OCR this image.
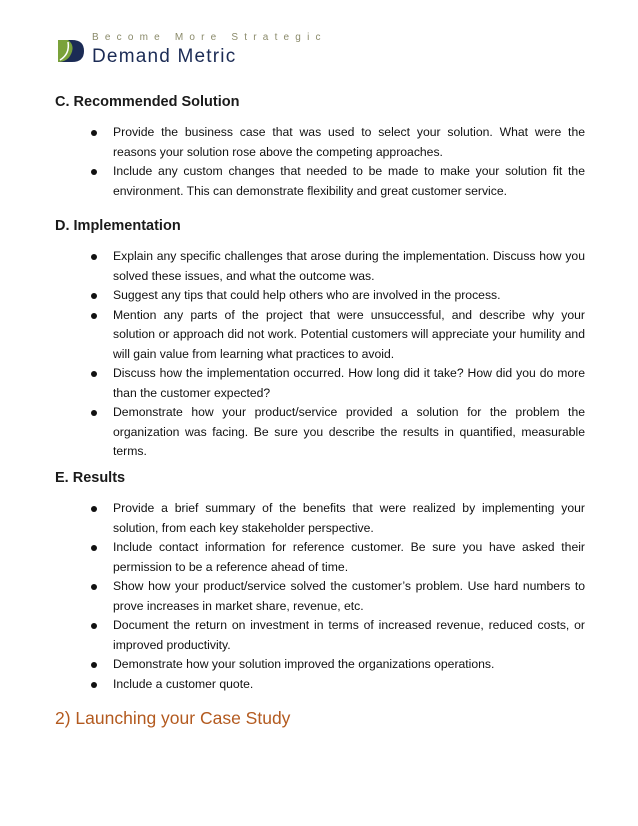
Become More Strategic
Demand Metric
C. Recommended Solution
Provide the business case that was used to select your solution. What were the reasons your solution rose above the competing approaches.
Include any custom changes that needed to be made to make your solution fit the environment. This can demonstrate flexibility and great customer service.
D. Implementation
Explain any specific challenges that arose during the implementation. Discuss how you solved these issues, and what the outcome was.
Suggest any tips that could help others who are involved in the process.
Mention any parts of the project that were unsuccessful, and describe why your solution or approach did not work. Potential customers will appreciate your humility and will gain value from learning what practices to avoid.
Discuss how the implementation occurred. How long did it take? How did you do more than the customer expected?
Demonstrate how your product/service provided a solution for the problem the organization was facing. Be sure you describe the results in quantified, measurable terms.
E. Results
Provide a brief summary of the benefits that were realized by implementing your solution, from each key stakeholder perspective.
Include contact information for reference customer. Be sure you have asked their permission to be a reference ahead of time.
Show how your product/service solved the customer’s problem. Use hard numbers to prove increases in market share, revenue, etc.
Document the return on investment in terms of increased revenue, reduced costs, or improved productivity.
Demonstrate how your solution improved the organizations operations.
Include a customer quote.
2) Launching your Case Study
